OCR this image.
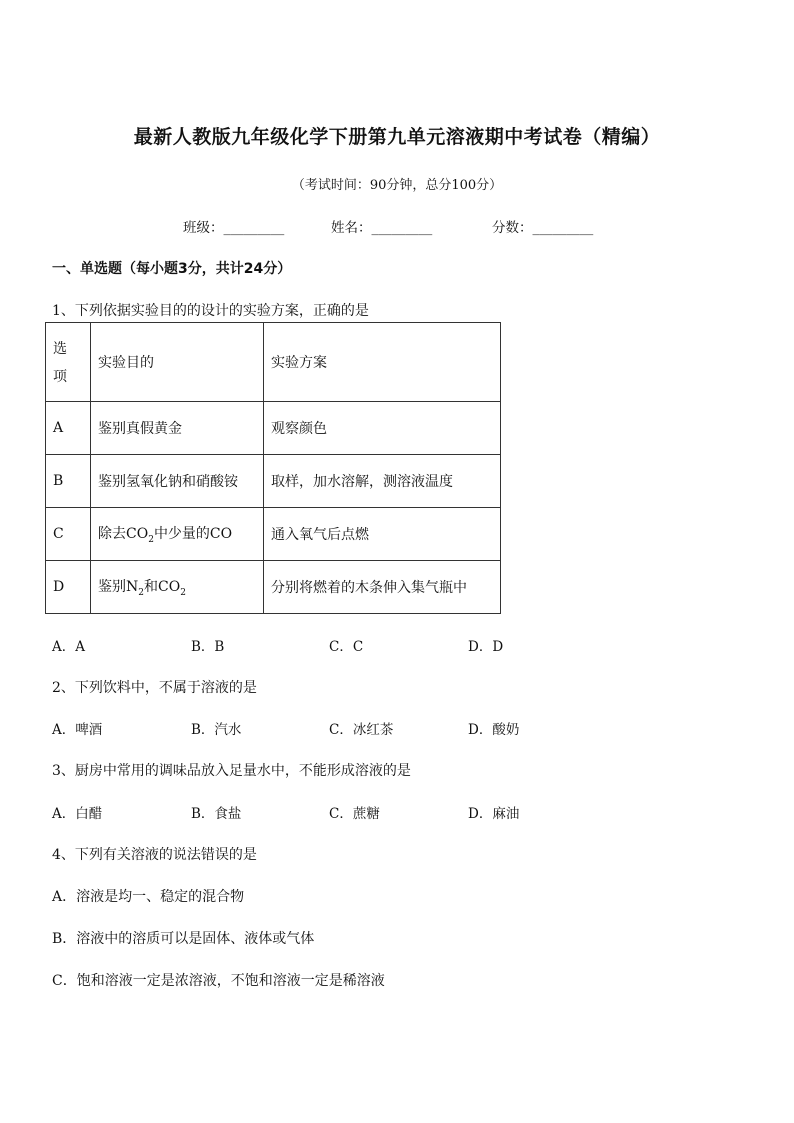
最新人教版九年级化学下册第九单元溶液期中考试卷（精编）
（考试时间：90分钟，总分100分）
班级：_________	姓名：_________	分数：_________
一、单选题（每小题3分，共计24分）
1、下列依据实验目的的设计的实验方案，正确的是
选
项	实验目的	实验方案
A	鉴别真假黄金	观察颜色
B	鉴别氢氧化钠和硝酸铵	取样，加水溶解，测溶液温度
C	除去$CO_2$中少量的CO	通入氧气后点燃
D	鉴别$N_2$和$CO_2$	分别将燃着的木条伸入集气瓶中
A．A	B．B	C．C	D．D
2、下列饮料中，不属于溶液的是
A．啤酒	B．汽水	C．冰红茶	D．酸奶
3、厨房中常用的调味品放入足量水中，不能形成溶液的是
A．白醋	B．食盐	C．蔗糖	D．麻油
4、下列有关溶液的说法错误的是
A．溶液是均一、稳定的混合物
B．溶液中的溶质可以是固体、液体或气体
C．饱和溶液一定是浓溶液，不饱和溶液一定是稀溶液
